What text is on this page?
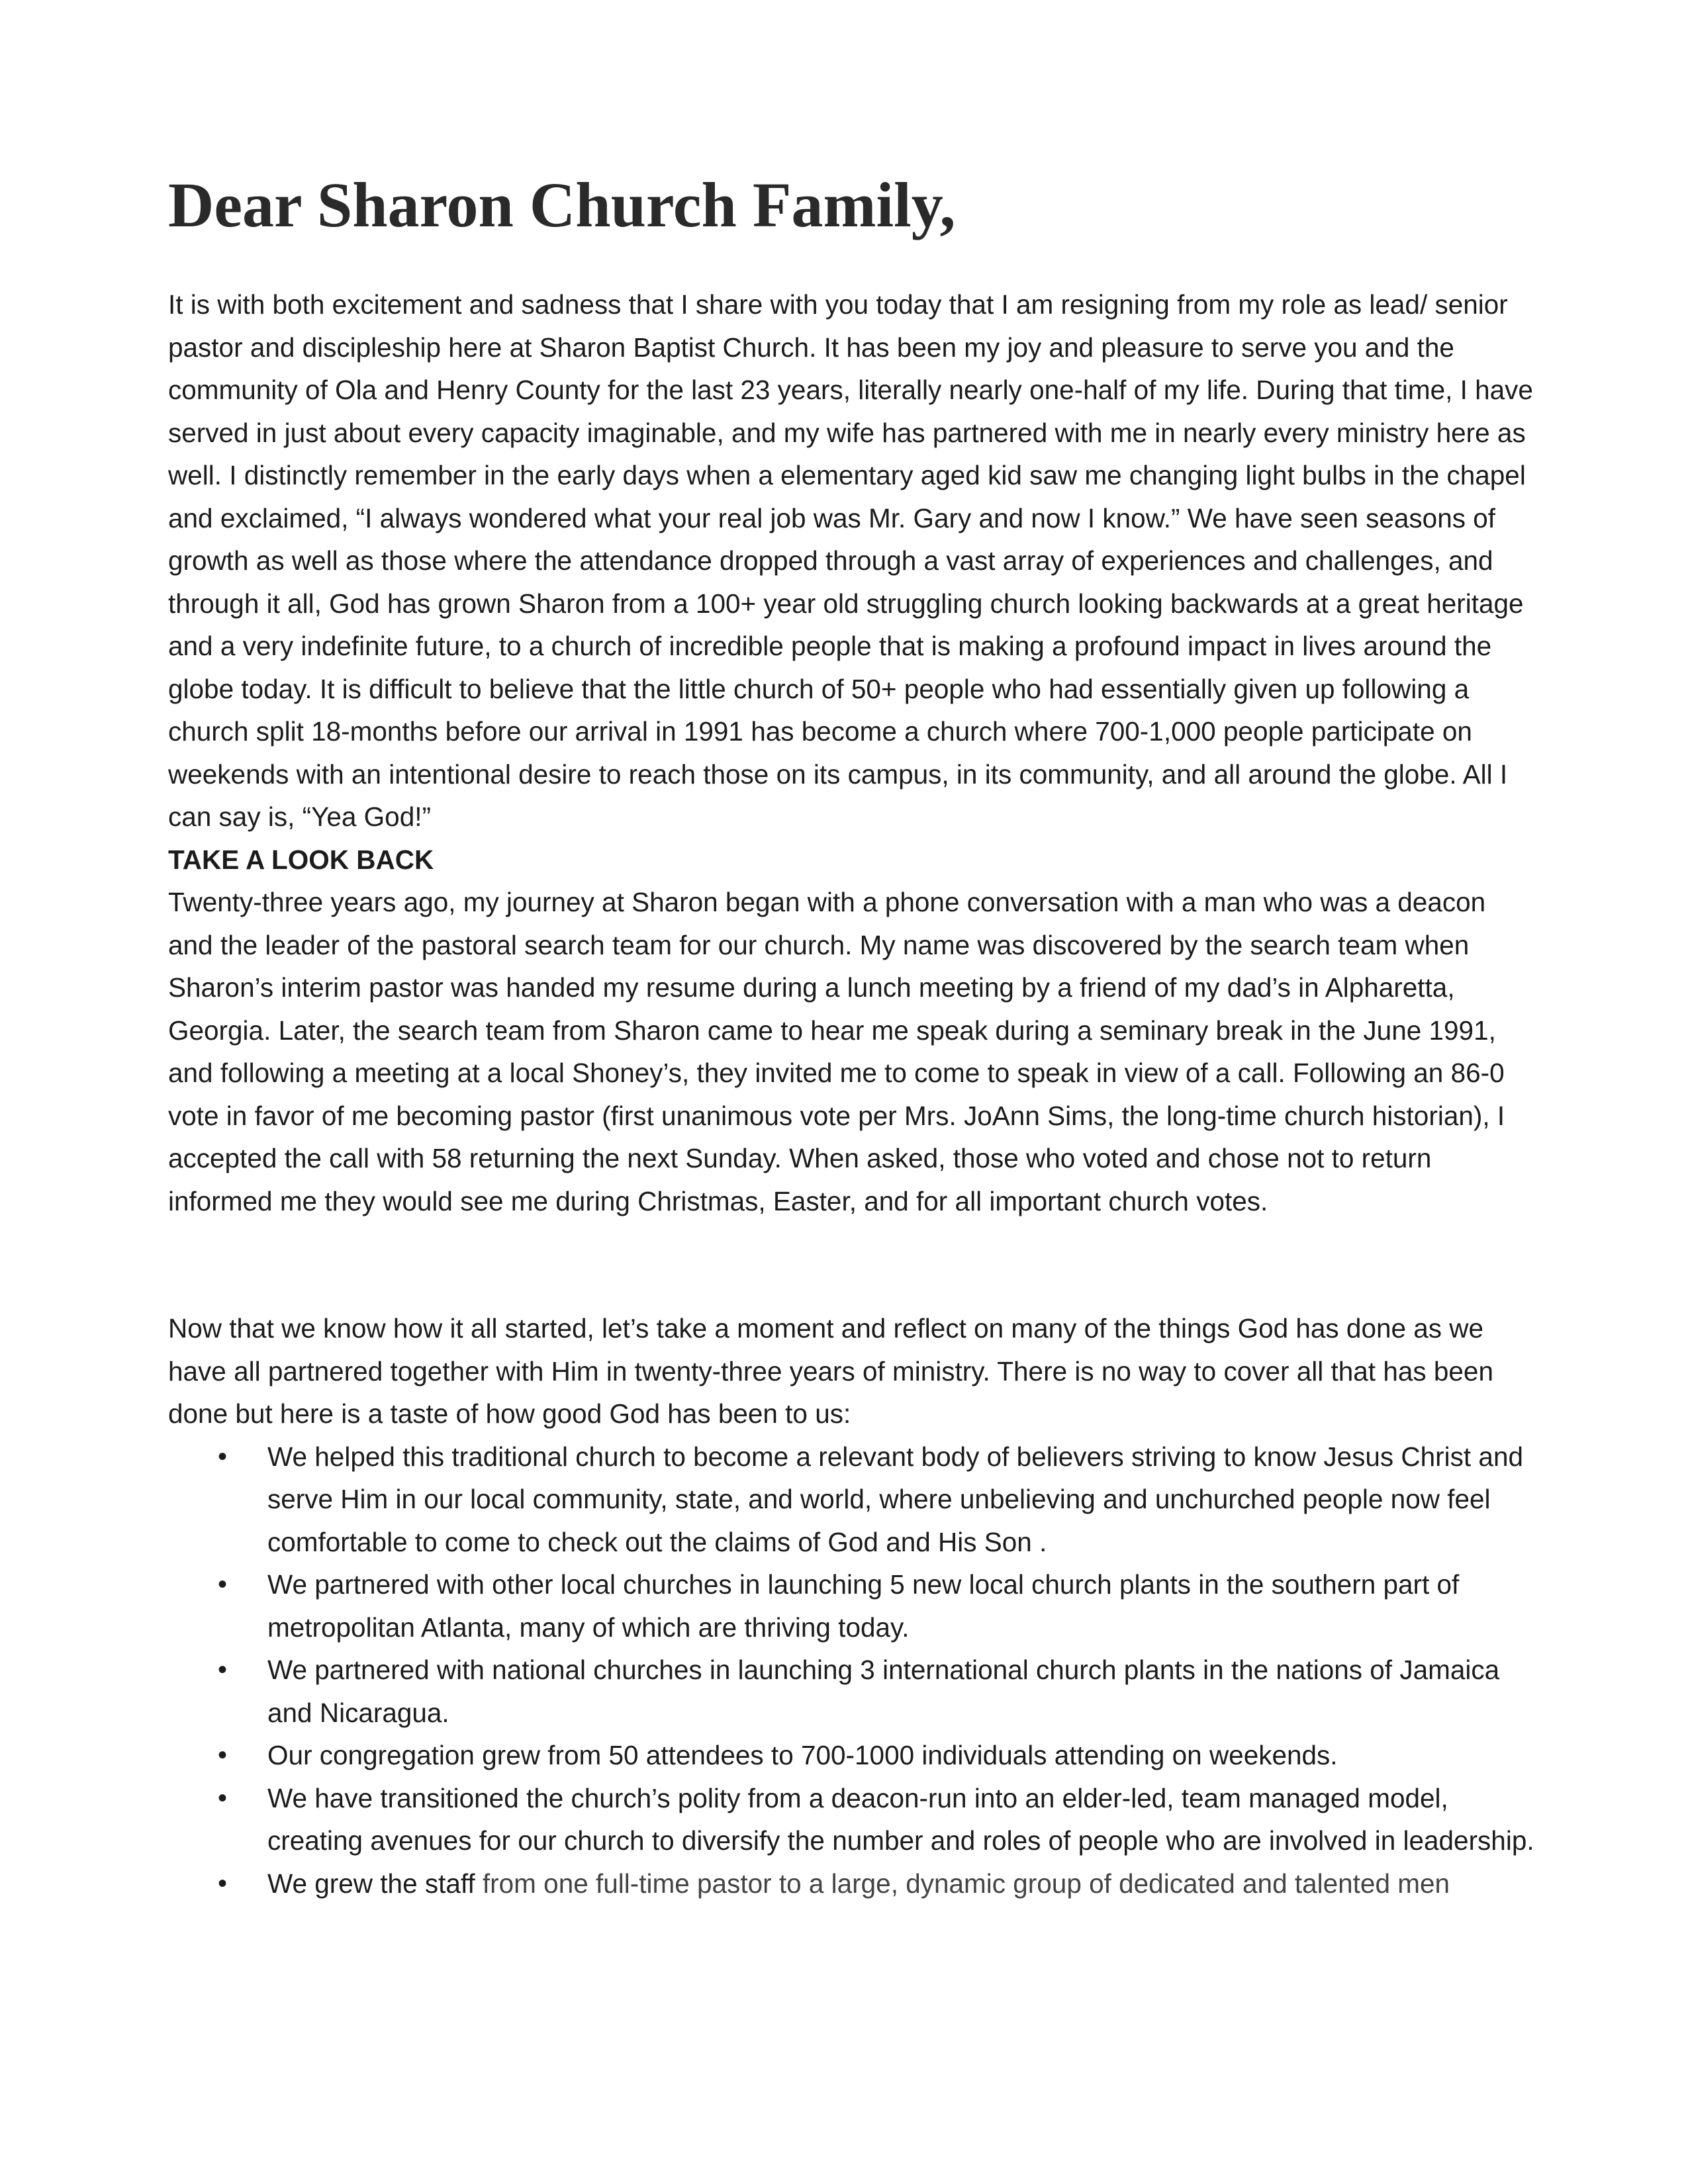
Dear Sharon Church Family,

It is with both excitement and sadness that I share with you today that I am resigning from my role as lead/ senior pastor and discipleship here at Sharon Baptist Church. It has been my joy and pleasure to serve you and the community of Ola and Henry County for the last 23 years, literally nearly one-half of my life. During that time, I have served in just about every capacity imaginable, and my wife has partnered with me in nearly every ministry here as well. I distinctly remember in the early days when a elementary aged kid saw me changing light bulbs in the chapel and exclaimed, “I always wondered what your real job was Mr. Gary and now I know.” We have seen seasons of growth as well as those where the attendance dropped through a vast array of experiences and challenges, and through it all, God has grown Sharon from a 100+ year old struggling church looking backwards at a great heritage and a very indefinite future, to a church of incredible people that is making a profound impact in lives around the globe today. It is difficult to believe that the little church of 50+ people who had essentially given up following a church split 18-months before our arrival in 1991 has become a church where 700-1,000 people participate on weekends with an intentional desire to reach those on its campus, in its community, and all around the globe. All I can say is, “Yea God!”

TAKE A LOOK BACK

Twenty-three years ago, my journey at Sharon began with a phone conversation with a man who was a deacon and the leader of the pastoral search team for our church. My name was discovered by the search team when Sharon’s interim pastor was handed my resume during a lunch meeting by a friend of my dad’s in Alpharetta, Georgia. Later, the search team from Sharon came to hear me speak during a seminary break in the June 1991, and following a meeting at a local Shoney’s, they invited me to come to speak in view of a call. Following an 86-0 vote in favor of me becoming pastor (first unanimous vote per Mrs. JoAnn Sims, the long-time church historian), I accepted the call with 58 returning the next Sunday. When asked, those who voted and chose not to return informed me they would see me during Christmas, Easter, and for all important church votes.

Now that we know how it all started, let’s take a moment and reflect on many of the things God has done as we have all partnered together with Him in twenty-three years of ministry. There is no way to cover all that has been done but here is a taste of how good God has been to us:

• We helped this traditional church to become a relevant body of believers striving to know Jesus Christ and serve Him in our local community, state, and world, where unbelieving and unchurched people now feel comfortable to come to check out the claims of God and His Son .
• We partnered with other local churches in launching 5 new local church plants in the southern part of metropolitan Atlanta, many of which are thriving today.
• We partnered with national churches in launching 3 international church plants in the nations of Jamaica and Nicaragua.
• Our congregation grew from 50 attendees to 700-1000 individuals attending on weekends.
• We have transitioned the church’s polity from a deacon-run into an elder-led, team managed model, creating avenues for our church to diversify the number and roles of people who are involved in leadership.
• We grew the staff from one full-time pastor to a large, dynamic group of dedicated and talented men
